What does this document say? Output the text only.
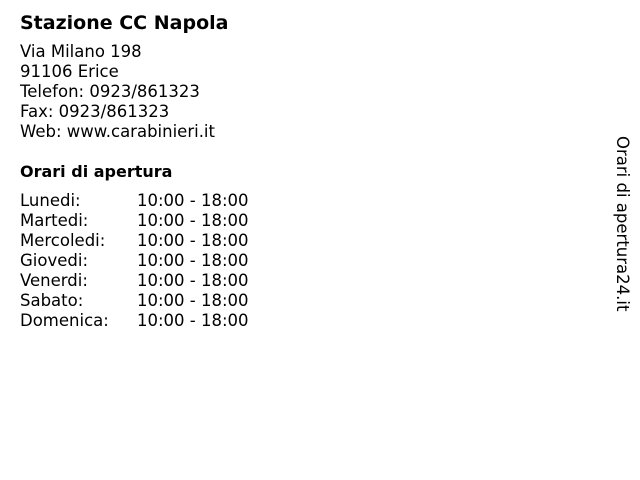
Stazione CC Napola
Via Milano 198
91106 Erice
Telefon: 0923/861323
Fax: 0923/861323
Web: www.carabinieri.it
Orari di apertura
Lunedi:	10:00 - 18:00
Martedi:	10:00 - 18:00
Mercoledi:	10:00 - 18:00
Giovedi:	10:00 - 18:00
Venerdi:	10:00 - 18:00
Sabato:	10:00 - 18:00
Domenica:	10:00 - 18:00
Orari di apertura24.it
